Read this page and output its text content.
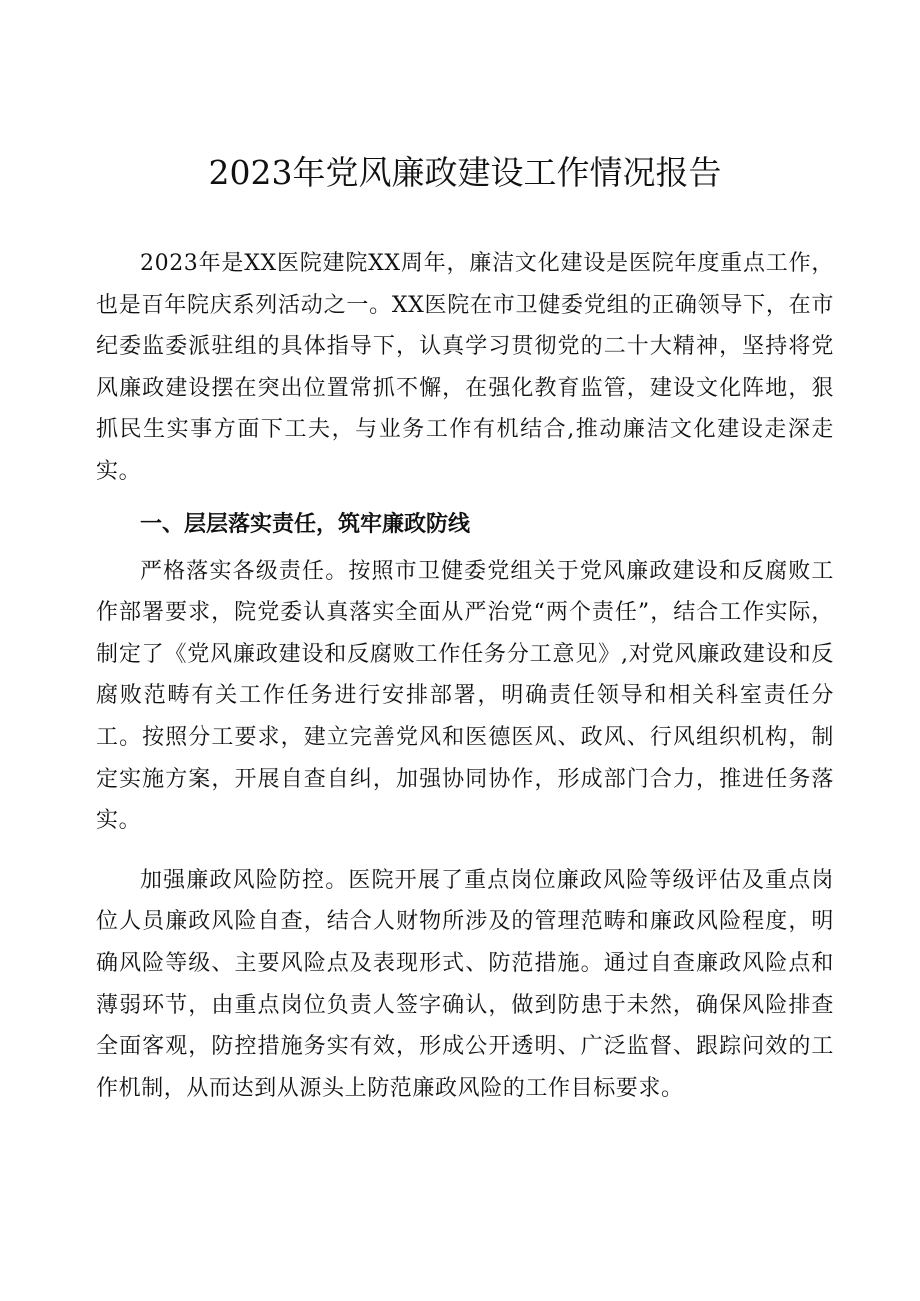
2023年党风廉政建设工作情况报告

2023年是XX医院建院XX周年，廉洁文化建设是医院年度重点工作，也是百年院庆系列活动之一。XX医院在市卫健委党组的正确领导下，在市纪委监委派驻组的具体指导下，认真学习贯彻党的二十大精神，坚持将党风廉政建设摆在突出位置常抓不懈，在强化教育监管，建设文化阵地，狠抓民生实事方面下工夫，与业务工作有机结合,推动廉洁文化建设走深走实。

一、层层落实责任，筑牢廉政防线

严格落实各级责任。按照市卫健委党组关于党风廉政建设和反腐败工作部署要求，院党委认真落实全面从严治党“两个责任”，结合工作实际，制定了《党风廉政建设和反腐败工作任务分工意见》,对党风廉政建设和反腐败范畴有关工作任务进行安排部署，明确责任领导和相关科室责任分工。按照分工要求，建立完善党风和医德医风、政风、行风组织机构，制定实施方案，开展自查自纠，加强协同协作，形成部门合力，推进任务落实。

加强廉政风险防控。医院开展了重点岗位廉政风险等级评估及重点岗位人员廉政风险自查，结合人财物所涉及的管理范畴和廉政风险程度，明确风险等级、主要风险点及表现形式、防范措施。通过自查廉政风险点和薄弱环节，由重点岗位负责人签字确认，做到防患于未然，确保风险排查全面客观，防控措施务实有效，形成公开透明、广泛监督、跟踪问效的工作机制，从而达到从源头上防范廉政风险的工作目标要求。
